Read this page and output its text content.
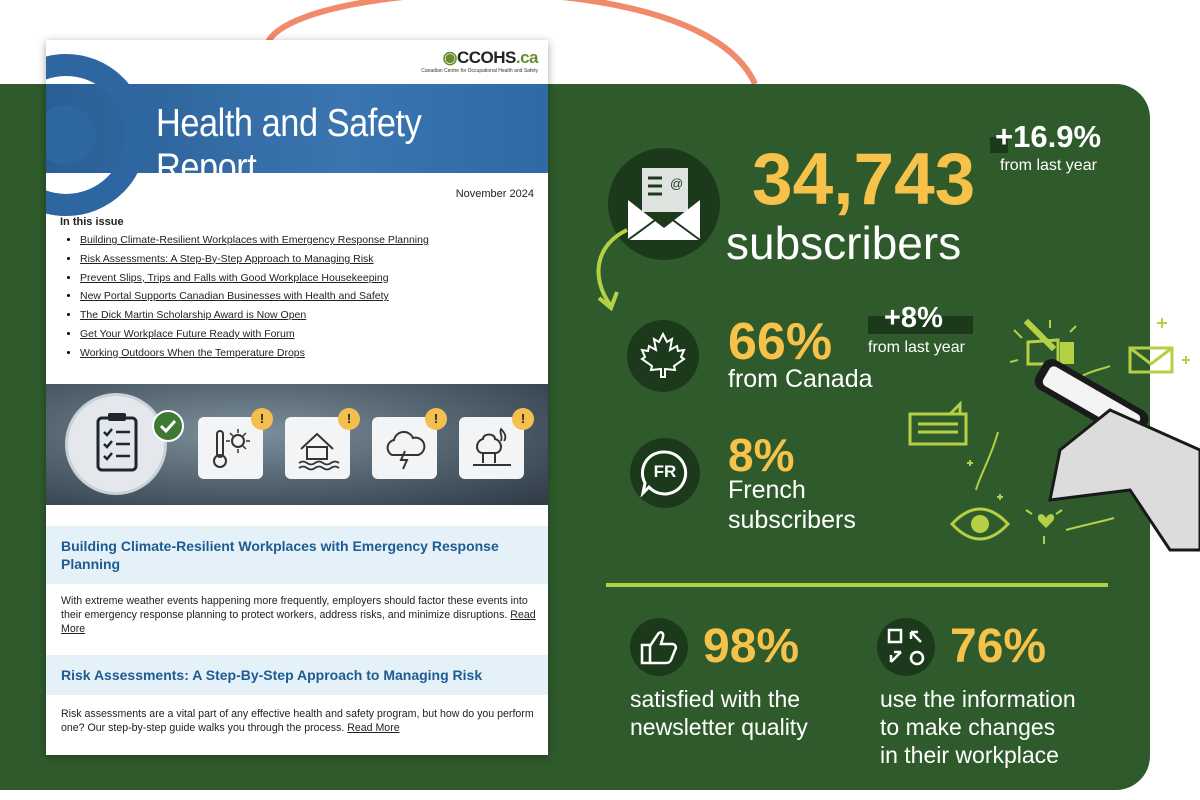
◉CCOHS.ca
Canadian Centre for Occupational Health and Safety
Health and Safety Report
November 2024
In this issue
• Building Climate-Resilient Workplaces with Emergency Response Planning
• Risk Assessments: A Step-By-Step Approach to Managing Risk
• Prevent Slips, Trips and Falls with Good Workplace Housekeeping
• New Portal Supports Canadian Businesses with Health and Safety
• The Dick Martin Scholarship Award is Now Open
• Get Your Workplace Future Ready with Forum
• Working Outdoors When the Temperature Drops
!	!	!	!
Building Climate-Resilient Workplaces with Emergency Response Planning
With extreme weather events happening more frequently, employers should factor these events into their emergency response planning to protect workers, address risks, and minimize disruptions. Read More
Risk Assessments: A Step-By-Step Approach to Managing Risk
Risk assessments are a vital part of any effective health and safety program, but how do you perform one? Our step-by-step guide walks you through the process. Read More
@ 34,743
subscribers
+16.9%
from last year
66%
from Canada
+8%
from last year
FR	8%
French
subscribers
98%
satisfied with the
newsletter quality
76%
use the information
to make changes
in their workplace
